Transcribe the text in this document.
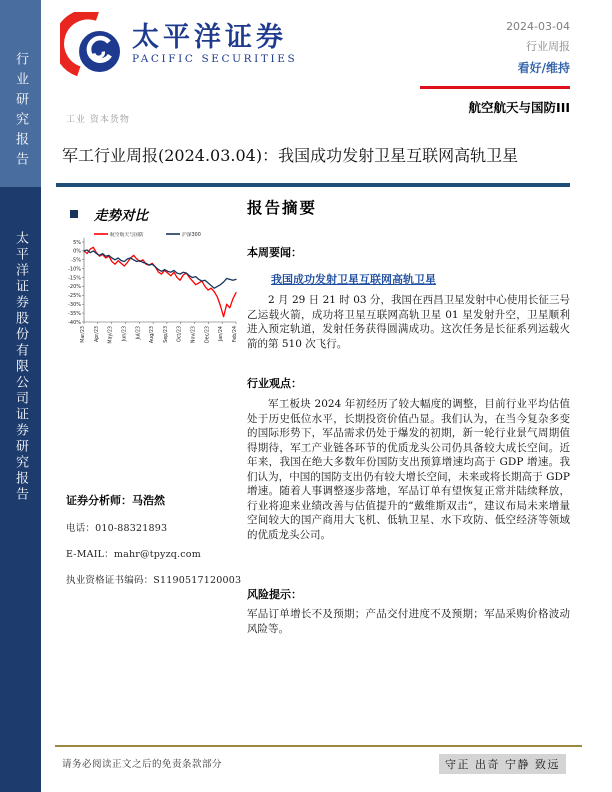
行业研究报告
太平洋证券股份有限公司证券研究报告
太平洋证券
PACIFIC SECURITIES
2024-03-04
行业周报
看好/维持
航空航天与国防III
工业 资本货物
军工行业周报(2024.03.04)：我国成功发射卫星互联网高轨卫星
走势对比
5%
0%
-5%
-10%
-15%
-20%
-25%
-30%
-35%
-40%
Mar/23 Apr/23 May/23 Jun/23 Jul/23 Aug/23 Sep/23 Oct/23 Nov/23 Dec/23 Jan/24 Feb/24
航空航天与国防	沪深300
证券分析师：马浩然
电话：010-88321893
E-MAIL：mahr@tpyzq.com
执业资格证书编码：S1190517120003
报告摘要
本周要闻：
我国成功发射卫星互联网高轨卫星
2 月 29 日 21 时 03 分，我国在西昌卫星发射中心使用长征三号乙运载火箭，成功将卫星互联网高轨卫星 01 星发射升空，卫星顺利进入预定轨道，发射任务获得圆满成功。这次任务是长征系列运载火箭的第 510 次飞行。
行业观点：
军工板块 2024 年初经历了较大幅度的调整，目前行业平均估值处于历史低位水平，长期投资价值凸显。我们认为，在当今复杂多变的国际形势下，军品需求仍处于爆发的初期，新一轮行业景气周期值得期待，军工产业链各环节的优质龙头公司仍具备较大成长空间。近年来，我国在绝大多数年份国防支出预算增速均高于 GDP 增速。我们认为，中国的国防支出仍有较大增长空间，未来或将长期高于 GDP 增速。随着人事调整逐步落地，军品订单有望恢复正常并陆续释放，行业将迎来业绩改善与估值提升的“戴维斯双击”，建议布局未来增量空间较大的国产商用大飞机、低轨卫星、水下攻防、低空经济等领域的优质龙头公司。
风险提示：
军品订单增长不及预期；产品交付进度不及预期；军品采购价格波动风险等。
请务必阅读正文之后的免责条款部分	守正 出奇 宁静 致远
